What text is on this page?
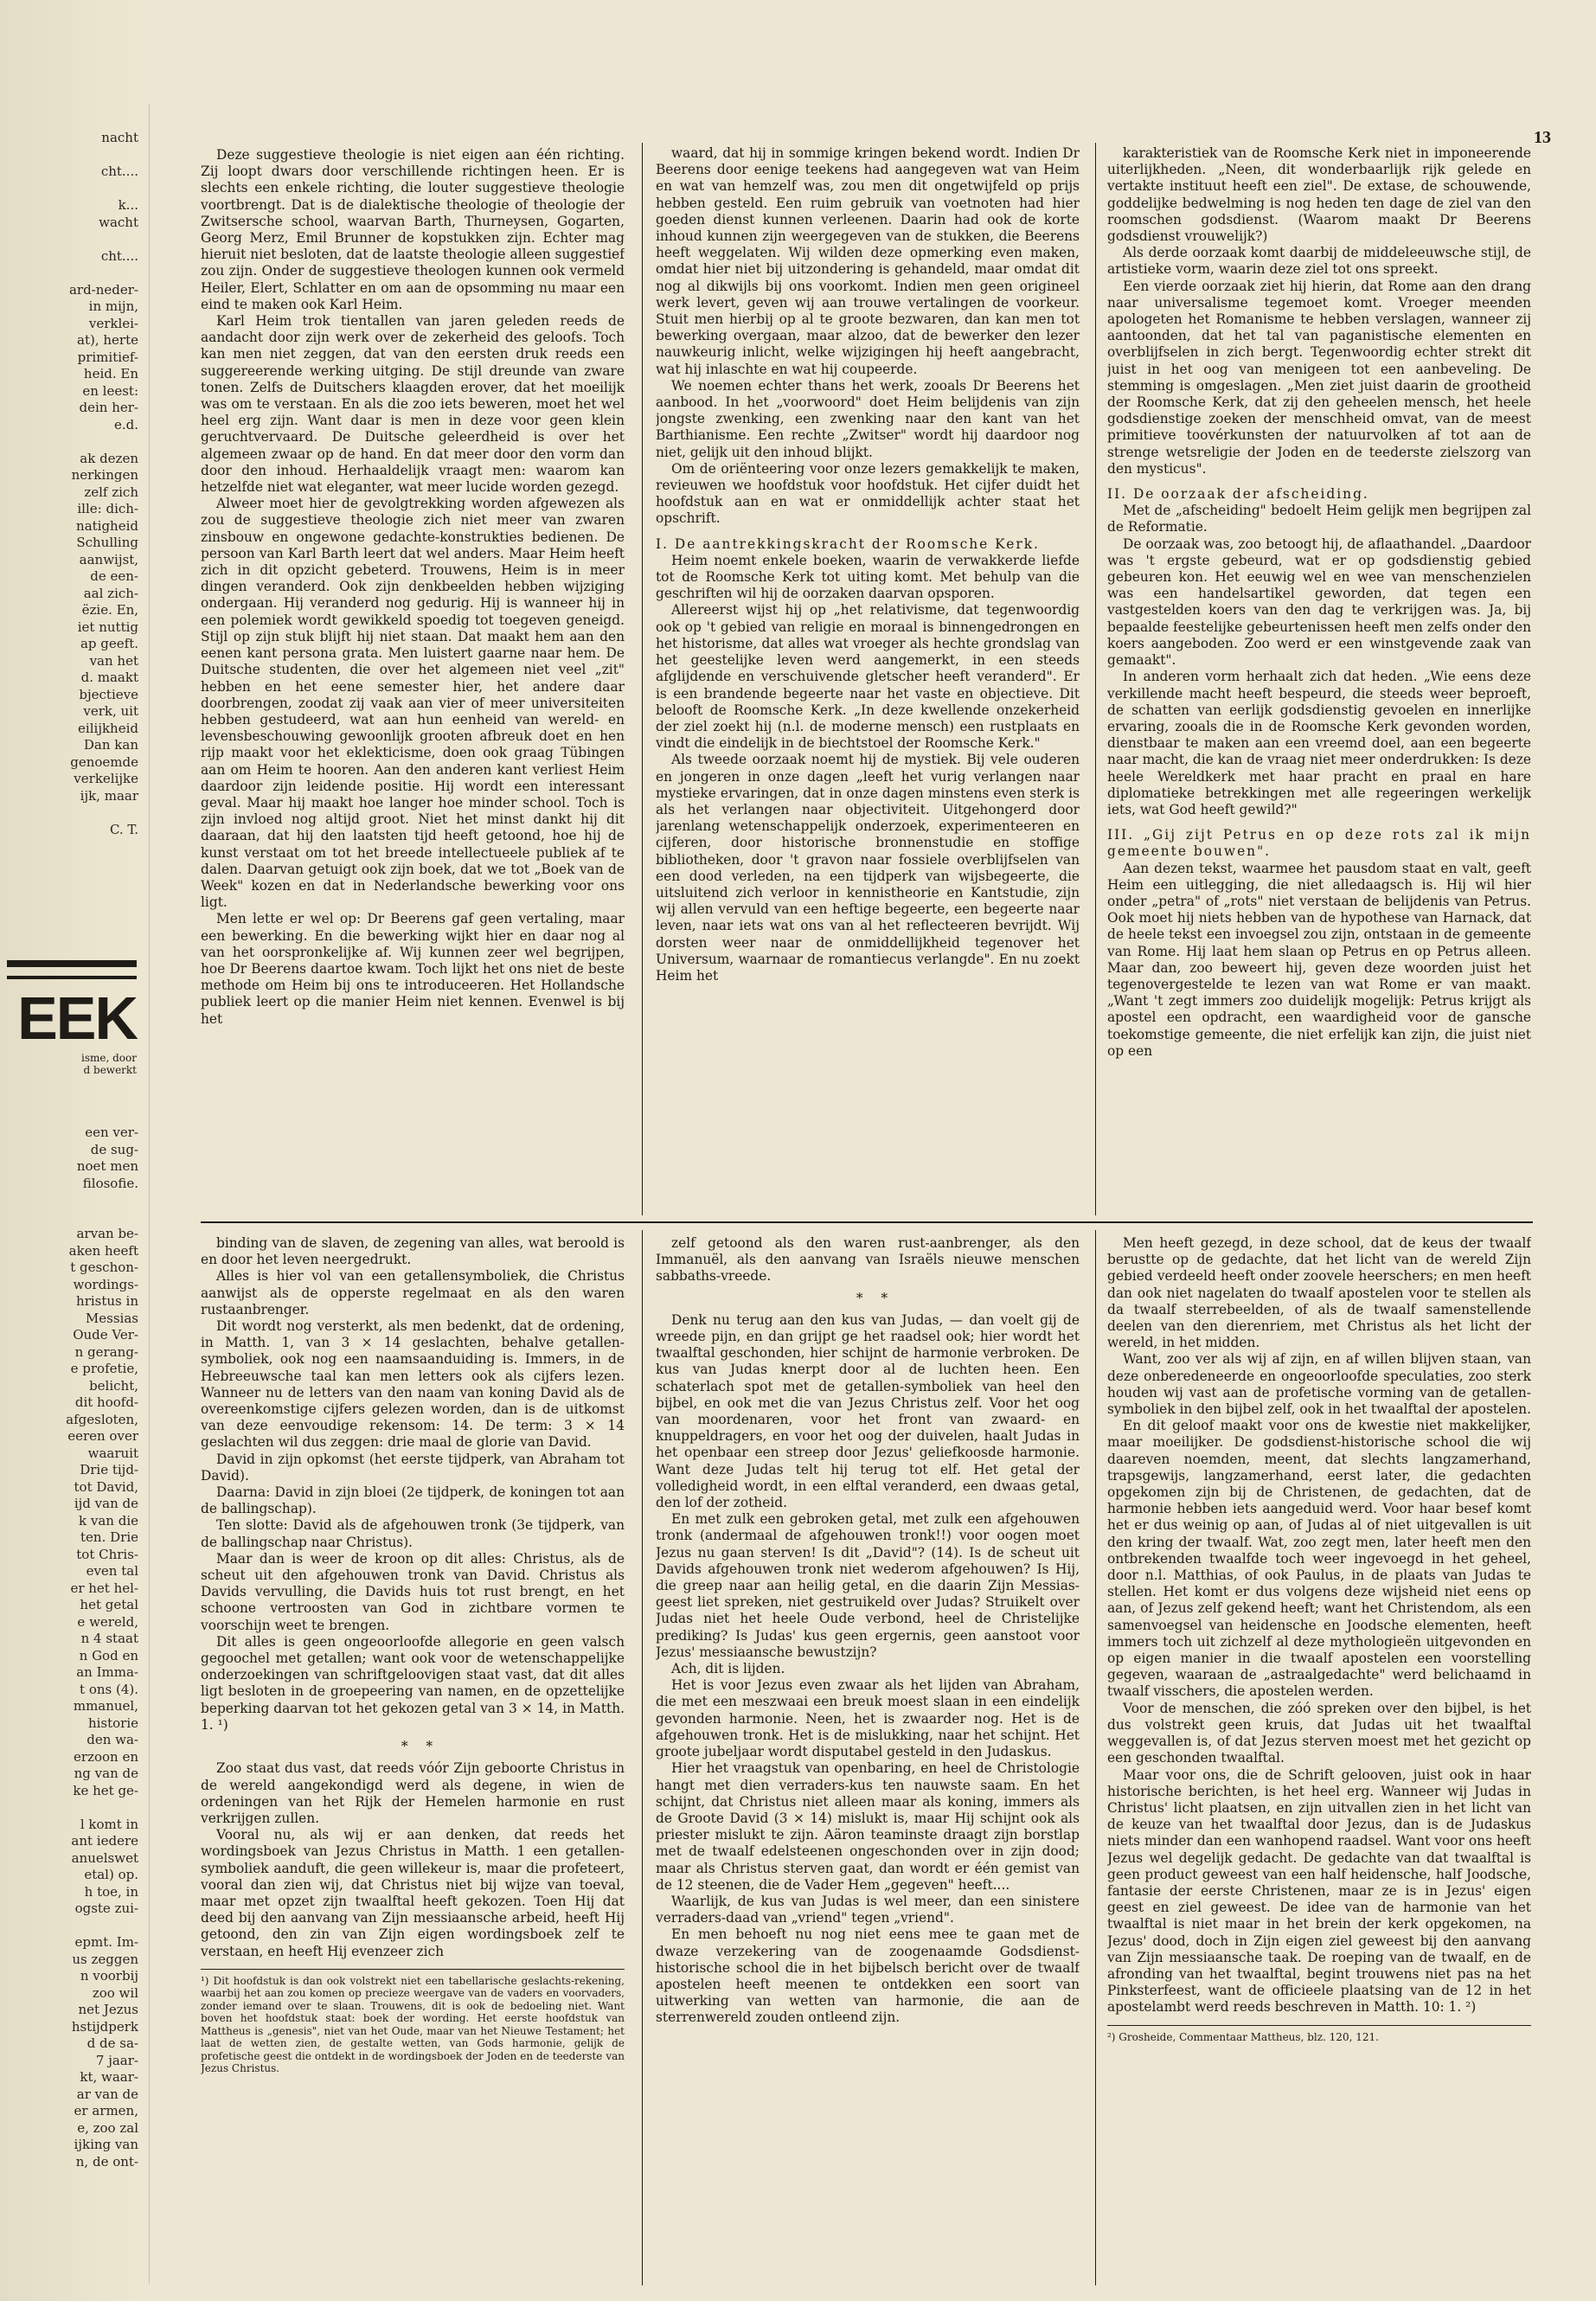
13
nacht

cht....

k...
wacht

cht....

ard-neder-
in mijn,
verklei-
at), herte
primitief-
heid. En
en leest:
dein her-
e.d.

ak dezen
nerkingen
zelf zich
ille: dich-
natigheid
Schulling
aanwijst,
de een-
aal zich-
ëzie. En,
iet nuttig
ap geeft.
van het
d. maakt
bjectieve
verk, uit
eilijkheid
Dan kan
genoemde
verkelijke
ijk, maar

C. T.
EEK
isme, door
d bewerkt
een ver-
de sug-
noet men
filosofie.

arvan be-
aken heeft
t geschon-
wordings-
hristus in
Messias
Oude Ver-
n gerang-
e profetie,
belicht,
dit hoofd-
afgesloten,
eeren over
waaruit
Drie tijd-
tot David,
ijd van de
k van die
ten. Drie
tot Chris-
even tal
er het hel-
het getal
e wereld,
n 4 staat
n God en
an Imma-
t ons (4).
mmanuel,
historie
den wa-
erzoon en
ng van de
ke het ge-

l komt in
ant iedere
anuelswet
etal) op.
h toe, in
ogste zui-

epmt. Im-
us zeggen
n voorbij
zoo wil
net Jezus
hstijdperk
d de sa-
7 jaar-
kt, waar-
ar van de
er armen,
e, zoo zal
ijking van
n, de ont-

Deze suggestieve theologie is niet eigen aan één richting. Zij loopt dwars door verschillende richtingen heen. Er is slechts een enkele richting, die louter suggestieve theologie voortbrengt. Dat is de dialektische theologie of theologie der Zwitsersche school, waarvan Barth, Thurneysen, Gogarten, Georg Merz, Emil Brunner de kopstukken zijn. Echter mag hieruit niet besloten, dat de laatste theologie alleen suggestief zou zijn. Onder de suggestieve theologen kunnen ook vermeld Heiler, Elert, Schlatter en om aan de opsomming nu maar een eind te maken ook Karl Heim.

Karl Heim trok tientallen van jaren geleden reeds de aandacht door zijn werk over de zekerheid des geloofs. Toch kan men niet zeggen, dat van den eersten druk reeds een suggereerende werking uitging. De stijl dreunde van zware tonen. Zelfs de Duitschers klaagden erover, dat het moeilijk was om te verstaan. En als die zoo iets beweren, moet het wel heel erg zijn. Want daar is men in deze voor geen klein geruchtvervaard. De Duitsche geleerdheid is over het algemeen zwaar op de hand. En dat meer door den vorm dan door den inhoud. Herhaaldelijk vraagt men: waarom kan hetzelfde niet wat eleganter, wat meer lucide worden gezegd.

Alweer moet hier de gevolgtrekking worden afgewezen als zou de suggestieve theologie zich niet meer van zwaren zinsbouw en ongewone gedachte-konstrukties bedienen. De persoon van Karl Barth leert dat wel anders. Maar Heim heeft zich in dit opzicht gebeterd. Trouwens, Heim is in meer dingen veranderd. Ook zijn denkbeelden hebben wijziging ondergaan. Hij veranderd nog gedurig. Hij is wanneer hij in een polemiek wordt gewikkeld spoedig tot toegeven geneigd. Stijl op zijn stuk blijft hij niet staan. Dat maakt hem aan den eenen kant persona grata. Men luistert gaarne naar hem. De Duitsche studenten, die over het algemeen niet veel „zit" hebben en het eene semester hier, het andere daar doorbrengen, zoodat zij vaak aan vier of meer universiteiten hebben gestudeerd, wat aan hun eenheid van wereld- en levensbeschouwing gewoonlijk grooten afbreuk doet en hen rijp maakt voor het eklekticisme, doen ook graag Tübingen aan om Heim te hooren. Aan den anderen kant verliest Heim daardoor zijn leidende positie. Hij wordt een interessant geval. Maar hij maakt hoe langer hoe minder school. Toch is zijn invloed nog altijd groot. Niet het minst dankt hij dit daaraan, dat hij den laatsten tijd heeft getoond, hoe hij de kunst verstaat om tot het breede intellectueele publiek af te dalen. Daarvan getuigt ook zijn boek, dat we tot „Boek van de Week" kozen en dat in Nederlandsche bewerking voor ons ligt.

Men lette er wel op: Dr Beerens gaf geen vertaling, maar een bewerking. En die bewerking wijkt hier en daar nog al van het oorspronkelijke af. Wij kunnen zeer wel begrijpen, hoe Dr Beerens daartoe kwam. Toch lijkt het ons niet de beste methode om Heim bij ons te introduceeren. Het Hollandsche publiek leert op die manier Heim niet kennen. Evenwel is bij het

waard, dat hij in sommige kringen bekend wordt. Indien Dr Beerens door eenige teekens had aangegeven wat van Heim en wat van hemzelf was, zou men dit ongetwijfeld op prijs hebben gesteld. Een ruim gebruik van voetnoten had hier goeden dienst kunnen verleenen. Daarin had ook de korte inhoud kunnen zijn weergegeven van de stukken, die Beerens heeft weggelaten. Wij wilden deze opmerking even maken, omdat hier niet bij uitzondering is gehandeld, maar omdat dit nog al dikwijls bij ons voorkomt. Indien men geen origineel werk levert, geven wij aan trouwe vertalingen de voorkeur. Stuit men hierbij op al te groote bezwaren, dan kan men tot bewerking overgaan, maar alzoo, dat de bewerker den lezer nauwkeurig inlicht, welke wijzigingen hij heeft aangebracht, wat hij inlaschte en wat hij coupeerde.

We noemen echter thans het werk, zooals Dr Beerens het aanbood. In het „voorwoord" doet Heim belijdenis van zijn jongste zwenking, een zwenking naar den kant van het Barthianisme. Een rechte „Zwitser" wordt hij daardoor nog niet, gelijk uit den inhoud blijkt.

Om de oriënteering voor onze lezers gemakkelijk te maken, revieuwen we hoofdstuk voor hoofdstuk. Het cijfer duidt het hoofdstuk aan en wat er onmiddellijk achter staat het opschrift.

I. De aantrekkingskracht der Roomsche Kerk.

Heim noemt enkele boeken, waarin de verwakkerde liefde tot de Roomsche Kerk tot uiting komt. Met behulp van die geschriften wil hij de oorzaken daarvan opsporen.

Allereerst wijst hij op „het relativisme, dat tegenwoordig ook op 't gebied van religie en moraal is binnengedrongen en het historisme, dat alles wat vroeger als hechte grondslag van het geestelijke leven werd aangemerkt, in een steeds afglijdende en verschuivende gletscher heeft veranderd". Er is een brandende begeerte naar het vaste en objectieve. Dit belooft de Roomsche Kerk. „In deze kwellende onzekerheid der ziel zoekt hij (n.l. de moderne mensch) een rustplaats en vindt die eindelijk in de biechtstoel der Roomsche Kerk."

Als tweede oorzaak noemt hij de mystiek. Bij vele ouderen en jongeren in onze dagen „leeft het vurig verlangen naar mystieke ervaringen, dat in onze dagen minstens even sterk is als het verlangen naar objectiviteit. Uitgehongerd door jarenlang wetenschappelijk onderzoek, experimenteeren en cijferen, door historische bronnenstudie en stoffige bibliotheken, door 't gravon naar fossiele overblijfselen van een dood verleden, na een tijdperk van wijsbegeerte, die uitsluitend zich verloor in kennistheorie en Kantstudie, zijn wij allen vervuld van een heftige begeerte, een begeerte naar leven, naar iets wat ons van al het reflecteeren bevrijdt. Wij dorsten weer naar de onmiddellijkheid tegenover het Universum, waarnaar de romantiecus verlangde". En nu zoekt Heim het

karakteristiek van de Roomsche Kerk niet in imponeerende uiterlijkheden. „Neen, dit wonderbaarlijk rijk gelede en vertakte instituut heeft een ziel". De extase, de schouwende, goddelijke bedwelming is nog heden ten dage de ziel van den roomschen godsdienst. (Waarom maakt Dr Beerens godsdienst vrouwelijk?)

Als derde oorzaak komt daarbij de middeleeuwsche stijl, de artistieke vorm, waarin deze ziel tot ons spreekt.

Een vierde oorzaak ziet hij hierin, dat Rome aan den drang naar universalisme tegemoet komt. Vroeger meenden apologeten het Romanisme te hebben verslagen, wanneer zij aantoonden, dat het tal van paganistische elementen en overblijfselen in zich bergt. Tegenwoordig echter strekt dit juist in het oog van menigeen tot een aanbeveling. De stemming is omgeslagen. „Men ziet juist daarin de grootheid der Roomsche Kerk, dat zij den geheelen mensch, het heele godsdienstige zoeken der menschheid omvat, van de meest primitieve toovérkunsten der natuurvolken af tot aan de strenge wetsreligie der Joden en de teederste zielszorg van den mysticus".

II. De oorzaak der afscheiding.

Met de „afscheiding" bedoelt Heim gelijk men begrijpen zal de Reformatie.

De oorzaak was, zoo betoogt hij, de aflaathandel. „Daardoor was 't ergste gebeurd, wat er op godsdienstig gebied gebeuren kon. Het eeuwig wel en wee van menschenzielen was een handelsartikel geworden, dat tegen een vastgestelden koers van den dag te verkrijgen was. Ja, bij bepaalde feestelijke gebeurtenissen heeft men zelfs onder den koers aangeboden. Zoo werd er een winstgevende zaak van gemaakt".

In anderen vorm herhaalt zich dat heden. „Wie eens deze verkillende macht heeft bespeurd, die steeds weer beproeft, de schatten van eerlijk godsdienstig gevoelen en innerlijke ervaring, zooals die in de Roomsche Kerk gevonden worden, dienstbaar te maken aan een vreemd doel, aan een begeerte naar macht, die kan de vraag niet meer onderdrukken: Is deze heele Wereldkerk met haar pracht en praal en hare diplomatieke betrekkingen met alle regeeringen werkelijk iets, wat God heeft gewild?"

III. „Gij zijt Petrus en op deze rots zal ik mijn gemeente bouwen".

Aan dezen tekst, waarmee het pausdom staat en valt, geeft Heim een uitlegging, die niet alledaagsch is. Hij wil hier onder „petra" of „rots" niet verstaan de belijdenis van Petrus. Ook moet hij niets hebben van de hypothese van Harnack, dat de heele tekst een invoegsel zou zijn, ontstaan in de gemeente van Rome. Hij laat hem slaan op Petrus en op Petrus alleen. Maar dan, zoo beweert hij, geven deze woorden juist het tegenovergestelde te lezen van wat Rome er van maakt. „Want 't zegt immers zoo duidelijk mogelijk: Petrus krijgt als apostel een opdracht, een waardigheid voor de gansche toekomstige gemeente, die niet erfelijk kan zijn, die juist niet op een

binding van de slaven, de zegening van alles, wat beroold is en door het leven neergedrukt.

Alles is hier vol van een getallensymboliek, die Christus aanwijst als de opperste regelmaat en als den waren rustaanbrenger.

Dit wordt nog versterkt, als men bedenkt, dat de ordening, in Matth. 1, van 3 × 14 geslachten, behalve getallen-symboliek, ook nog een naamsaanduiding is. Immers, in de Hebreeuwsche taal kan men letters ook als cijfers lezen. Wanneer nu de letters van den naam van koning David als de overeenkomstige cijfers gelezen worden, dan is de uitkomst van deze eenvoudige rekensom: 14. De term: 3 × 14 geslachten wil dus zeggen: drie maal de glorie van David.

David in zijn opkomst (het eerste tijdperk, van Abraham tot David).

Daarna: David in zijn bloei (2e tijdperk, de koningen tot aan de ballingschap).

Ten slotte: David als de afgehouwen tronk (3e tijdperk, van de ballingschap naar Christus).

Maar dan is weer de kroon op dit alles: Christus, als de scheut uit den afgehouwen tronk van David. Christus als Davids vervulling, die Davids huis tot rust brengt, en het schoone vertroosten van God in zichtbare vormen te voorschijn weet te brengen.

Dit alles is geen ongeoorloofde allegorie en geen valsch gegoochel met getallen; want ook voor de wetenschappelijke onderzoekingen van schriftgeloovigen staat vast, dat dit alles ligt besloten in de groepeering van namen, en de opzettelijke beperking daarvan tot het gekozen getal van 3 × 14, in Matth. 1. ¹)

* *

Zoo staat dus vast, dat reeds vóór Zijn geboorte Christus in de wereld aangekondigd werd als degene, in wien de ordeningen van het Rijk der Hemelen harmonie en rust verkrijgen zullen.

Vooral nu, als wij er aan denken, dat reeds het wordingsboek van Jezus Christus in Matth. 1 een getallen-symboliek aanduft, die geen willekeur is, maar die profeteert, vooral dan zien wij, dat Christus niet bij wijze van toeval, maar met opzet zijn twaalftal heeft gekozen. Toen Hij dat deed bij den aanvang van Zijn messiaansche arbeid, heeft Hij getoond, den zin van Zijn eigen wordingsboek zelf te verstaan, en heeft Hij evenzeer zich

¹) Dit hoofdstuk is dan ook volstrekt niet een tabellarische geslachts-rekening, waarbij het aan zou komen op precieze weergave van de vaders en voorvaders, zonder iemand over te slaan. Trouwens, dit is ook de bedoeling niet. Want boven het hoofdstuk staat: boek der wording. Het eerste hoofdstuk van Mattheus is „genesis", niet van het Oude, maar van het Nieuwe Testament; het laat de wetten zien, de gestalte wetten, van Gods harmonie, gelijk de profetische geest die ontdekt in de wordingsboek der Joden en de teederste van Jezus Christus.

zelf getoond als den waren rust-aanbrenger, als den Immanuël, als den aanvang van Israëls nieuwe menschen sabbaths-vreede.

* *

Denk nu terug aan den kus van Judas, — dan voelt gij de wreede pijn, en dan grijpt ge het raadsel ook; hier wordt het twaalftal geschonden, hier schijnt de harmonie verbroken. De kus van Judas knerpt door al de luchten heen. Een schaterlach spot met de getallen-symboliek van heel den bijbel, en ook met die van Jezus Christus zelf. Voor het oog van moordenaren, voor het front van zwaard- en knuppeldragers, en voor het oog der duivelen, haalt Judas in het openbaar een streep door Jezus' geliefkoosde harmonie. Want deze Judas telt hij terug tot elf. Het getal der volledigheid wordt, in een elftal veranderd, een dwaas getal, den lof der zotheid.

En met zulk een gebroken getal, met zulk een afgehouwen tronk (andermaal de afgehouwen tronk!!) voor oogen moet Jezus nu gaan sterven! Is dit „David"? (14). Is de scheut uit Davids afgehouwen tronk niet wederom afgehouwen? Is Hij, die greep naar aan heilig getal, en die daarin Zijn Messias-geest liet spreken, niet gestruikeld over Judas? Struikelt over Judas niet het heele Oude verbond, heel de Christelijke prediking? Is Judas' kus geen ergernis, geen aanstoot voor Jezus' messiaansche bewustzijn?

Ach, dit is lijden.

Het is voor Jezus even zwaar als het lijden van Abraham, die met een meszwaai een breuk moest slaan in een eindelijk gevonden harmonie. Neen, het is zwaarder nog. Het is de afgehouwen tronk. Het is de mislukking, naar het schijnt. Het groote jubeljaar wordt disputabel gesteld in den Judaskus.

Hier het vraagstuk van openbaring, en heel de Christologie hangt met dien verraders-kus ten nauwste saam. En het schijnt, dat Christus niet alleen maar als koning, immers als de Groote David (3 × 14) mislukt is, maar Hij schijnt ook als priester mislukt te zijn. Aäron teaminste draagt zijn borstlap met de twaalf edelsteenen ongeschonden over in zijn dood; maar als Christus sterven gaat, dan wordt er één gemist van de 12 steenen, die de Vader Hem „gegeven" heeft....

Waarlijk, de kus van Judas is wel meer, dan een sinistere verraders-daad van „vriend" tegen „vriend".

En men behoeft nu nog niet eens mee te gaan met de dwaze verzekering van de zoogenaamde Godsdienst-historische school die in het bijbelsch bericht over de twaalf apostelen heeft meenen te ontdekken een soort van uitwerking van wetten van harmonie, die aan de sterrenwereld zouden ontleend zijn.

Men heeft gezegd, in deze school, dat de keus der twaalf berustte op de gedachte, dat het licht van de wereld Zijn gebied verdeeld heeft onder zoovele heerschers; en men heeft dan ook niet nagelaten do twaalf apostelen voor te stellen als da twaalf sterrebeelden, of als de twaalf samenstellende deelen van den dierenriem, met Christus als het licht der wereld, in het midden.

Want, zoo ver als wij af zijn, en af willen blijven staan, van deze onberedeneerde en ongeoorloofde speculaties, zoo sterk houden wij vast aan de profetische vorming van de getallen-symboliek in den bijbel zelf, ook in het twaalftal der apostelen.

En dit geloof maakt voor ons de kwestie niet makkelijker, maar moeilijker. De godsdienst-historische school die wij daareven noemden, meent, dat slechts langzamerhand, trapsgewijs, langzamerhand, eerst later, die gedachten opgekomen zijn bij de Christenen, de gedachten, dat de harmonie hebben iets aangeduid werd. Voor haar besef komt het er dus weinig op aan, of Judas al of niet uitgevallen is uit den kring der twaalf. Wat, zoo zegt men, later heeft men den ontbrekenden twaalfde toch weer ingevoegd in het geheel, door n.l. Matthias, of ook Paulus, in de plaats van Judas te stellen. Het komt er dus volgens deze wijsheid niet eens op aan, of Jezus zelf gekend heeft; want het Christendom, als een samenvoegsel van heidensche en Joodsche elementen, heeft immers toch uit zichzelf al deze mythologieën uitgevonden en op eigen manier in die twaalf apostelen een voorstelling gegeven, waaraan de „astraalgedachte" werd belichaamd in twaalf visschers, die apostelen werden.

Voor de menschen, die zóó spreken over den bijbel, is het dus volstrekt geen kruis, dat Judas uit het twaalftal weggevallen is, of dat Jezus sterven moest met het gezicht op een geschonden twaalftal.

Maar voor ons, die de Schrift gelooven, juist ook in haar historische berichten, is het heel erg. Wanneer wij Judas in Christus' licht plaatsen, en zijn uitvallen zien in het licht van de keuze van het twaalftal door Jezus, dan is de Judaskus niets minder dan een wanhopend raadsel. Want voor ons heeft Jezus wel degelijk gedacht. De gedachte van dat twaalftal is geen product geweest van een half heidensche, half Joodsche, fantasie der eerste Christenen, maar ze is in Jezus' eigen geest en ziel geweest. De idee van de harmonie van het twaalftal is niet maar in het brein der kerk opgekomen, na Jezus' dood, doch in Zijn eigen ziel geweest bij den aanvang van Zijn messiaansche taak. De roeping van de twaalf, en de afronding van het twaalftal, begint trouwens niet pas na het Pinksterfeest, want de officieele plaatsing van de 12 in het apostelambt werd reeds beschreven in Matth. 10: 1. ²)

²) Grosheide, Commentaar Mattheus, blz. 120, 121.
